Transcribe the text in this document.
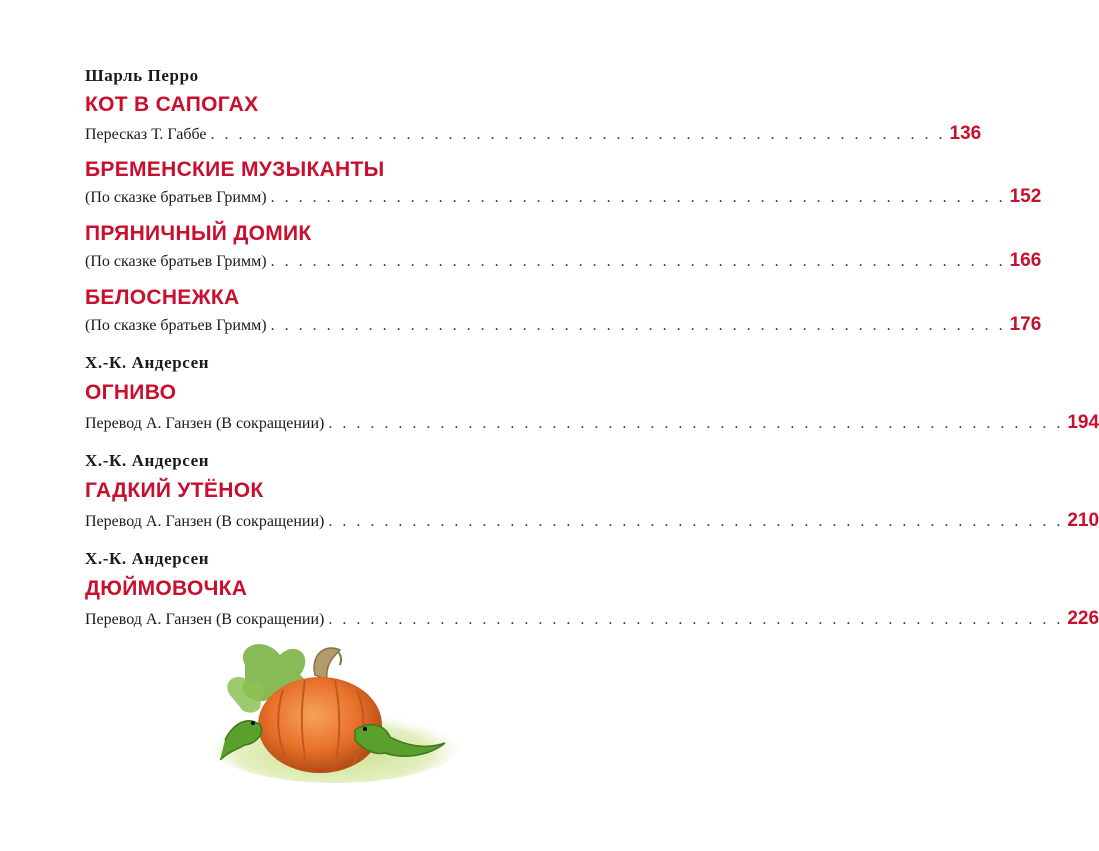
Шарль Перро
КОТ В САПОГАХ
Пересказ Т. Габбе . . . . . . . . . . . . . . . . . . . . . . . . . . . . . . . . . . . . . . . . . . . . . . . . . . . . . 136
БРЕМЕНСКИЕ МУЗЫКАНТЫ
(По сказке братьев Гримм) . . . . . . . . . . . . . . . . . . . . . . . . . . . . . . . . . . . . . . . . . . . . . . . . . . . . . 152
ПРЯНИЧНЫЙ ДОМИК
(По сказке братьев Гримм) . . . . . . . . . . . . . . . . . . . . . . . . . . . . . . . . . . . . . . . . . . . . . . . . . . . . . 166
БЕЛОСНЕЖКА
(По сказке братьев Гримм) . . . . . . . . . . . . . . . . . . . . . . . . . . . . . . . . . . . . . . . . . . . . . . . . . . . . . 176
Х.-К. Андерсен
ОГНИВО
Перевод А. Ганзен (В сокращении) . . . . . . . . . . . . . . . . . . . . . . . . . . . . . . . . . . . . . . . . . . . . . . . . . . . . . 194
Х.-К. Андерсен
ГАДКИЙ УТЁНОК
Перевод А. Ганзен (В сокращении) . . . . . . . . . . . . . . . . . . . . . . . . . . . . . . . . . . . . . . . . . . . . . . . . . . . . . 210
Х.-К. Андерсен
ДЮЙМОВОЧКА
Перевод А. Ганзен (В сокращении) . . . . . . . . . . . . . . . . . . . . . . . . . . . . . . . . . . . . . . . . . . . . . . . . . . . . . 226
